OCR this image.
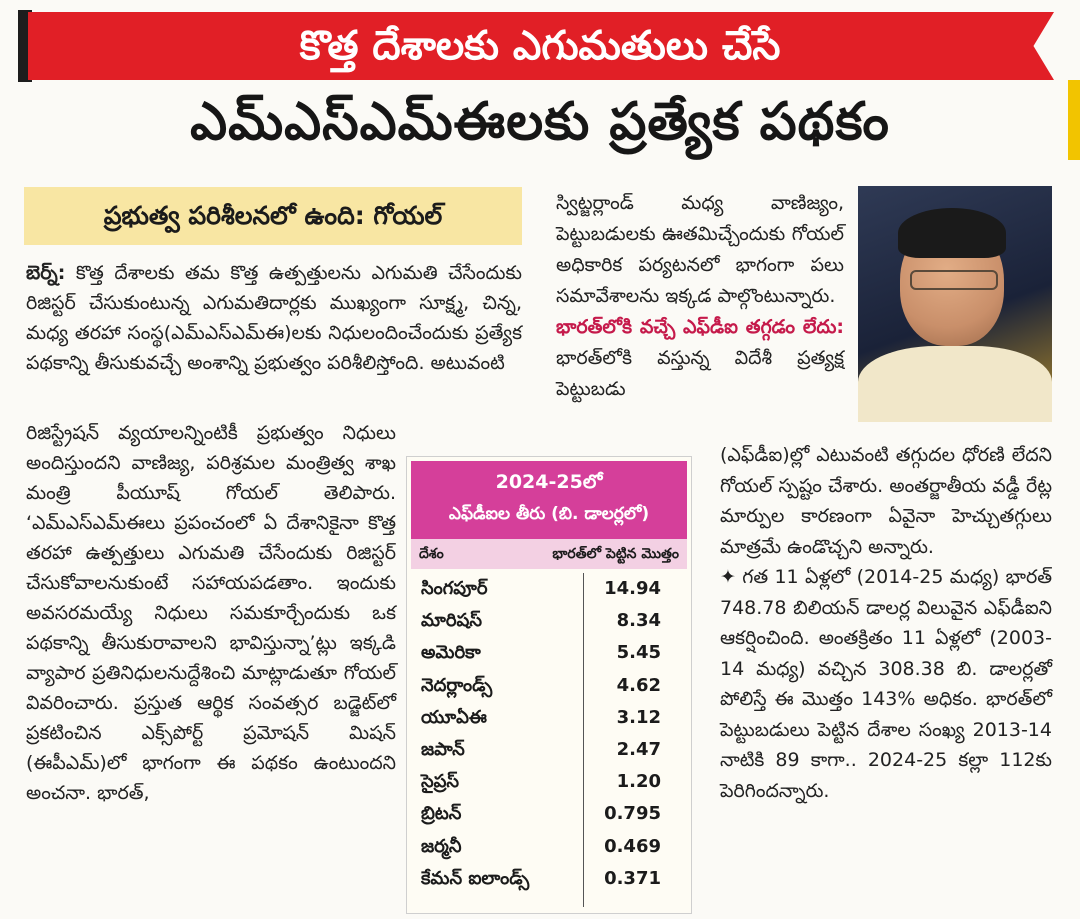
కొత్త దేశాలకు ఎగుమతులు చేసే
ఎమ్‌ఎస్‌ఎమ్‌ఈలకు ప్రత్యేక పథకం
ప్రభుత్వ పరిశీలనలో ఉంది: గోయల్
బెర్న్‌: కొత్త దేశాలకు తమ కొత్త ఉత్పత్తులను ఎగుమతి చేసేందుకు రిజిస్టర్‌ చేసుకుంటున్న ఎగుమతిదార్లకు ముఖ్యంగా సూక్ష్మ, చిన్న, మధ్య తరహా సంస్థ(ఎమ్‌ఎస్‌ఎమ్‌ఈ)లకు నిధులందించేందుకు ప్రత్యేక పథకాన్ని తీసుకువచ్చే అంశాన్ని ప్రభుత్వం పరిశీలిస్తోంది. అటువంటి
రిజిస్ట్రేషన్‌ వ్యయాలన్నింటికీ ప్రభుత్వం నిధులు అందిస్తుందని వాణిజ్య, పరిశ్రమల మంత్రిత్వ శాఖ మంత్రి పీయూష్‌ గోయల్‌ తెలిపారు. ‘ఎమ్‌ఎస్‌ఎమ్‌ఈలు ప్రపంచంలో ఏ దేశానికైనా కొత్త తరహా ఉత్పత్తులు ఎగుమతి చేసేందుకు రిజిస్టర్‌ చేసుకోవాలనుకుంటే సహాయపడతాం. ఇందుకు అవసరమయ్యే నిధులు సమకూర్చేందుకు ఒక పథకాన్ని తీసుకురావాలని భావిస్తున్నా’ట్లు ఇక్కడి వ్యాపార ప్రతినిధులనుద్దేశించి మాట్లాడుతూ గోయల్‌ వివరించారు. ప్రస్తుత ఆర్థిక సంవత్సర బడ్జెట్‌లో ప్రకటించిన ఎక్స్‌పోర్ట్‌ ప్రమోషన్‌ మిషన్‌ (ఈపీఎమ్‌)లో భాగంగా ఈ పథకం ఉంటుందని అంచనా. భారత్‌,
స్విట్జర్లాండ్‌ మధ్య వాణిజ్యం, పెట్టుబడులకు ఊతమిచ్చేందుకు గోయల్‌ అధికారిక పర్యటనలో భాగంగా పలు సమావేశాలను ఇక్కడ పాల్గొంటున్నారు.
భారత్‌లోకి వచ్చే ఎఫ్‌డీఐ తగ్గడం లేదు: భారత్‌లోకి వస్తున్న విదేశీ ప్రత్యక్ష పెట్టుబడు
(ఎఫ్‌డీఐ)ల్లో ఎటువంటి తగ్గుదల ధోరణి లేదని గోయల్‌ స్పష్టం చేశారు. అంతర్జాతీయ వడ్డీ రేట్ల మార్పుల కారణంగా ఏవైనా హెచ్చుతగ్గులు మాత్రమే ఉండొచ్చని అన్నారు.
✦ గత 11 ఏళ్లలో (2014-25 మధ్య) భారత్‌ 748.78 బిలియన్‌ డాలర్ల విలువైన ఎఫ్‌డీఐని ఆకర్షించింది. అంతక్రితం 11 ఏళ్లలో (2003-14 మధ్య) వచ్చిన 308.38 బి. డాలర్లతో పోలిస్తే ఈ మొత్తం 143% అధికం. భారత్‌లో పెట్టుబడులు పెట్టిన దేశాల సంఖ్య 2013-14 నాటికి 89 కాగా.. 2024-25 కల్లా 112కు పెరిగిందన్నారు.
2024-25లో
ఎఫ్‌డీఐల తీరు (బి. డాలర్లలో)
దేశం	భారత్‌లో పెట్టిన మొత్తం
సింగపూర్‌	14.94
మారిషస్‌	8.34
అమెరికా	5.45
నెదర్లాండ్స్‌	4.62
యూఏఈ	3.12
జపాన్‌	2.47
సైప్రస్‌	1.20
బ్రిటన్‌	0.795
జర్మనీ	0.469
కేమన్‌ ఐలాండ్స్‌	0.371
